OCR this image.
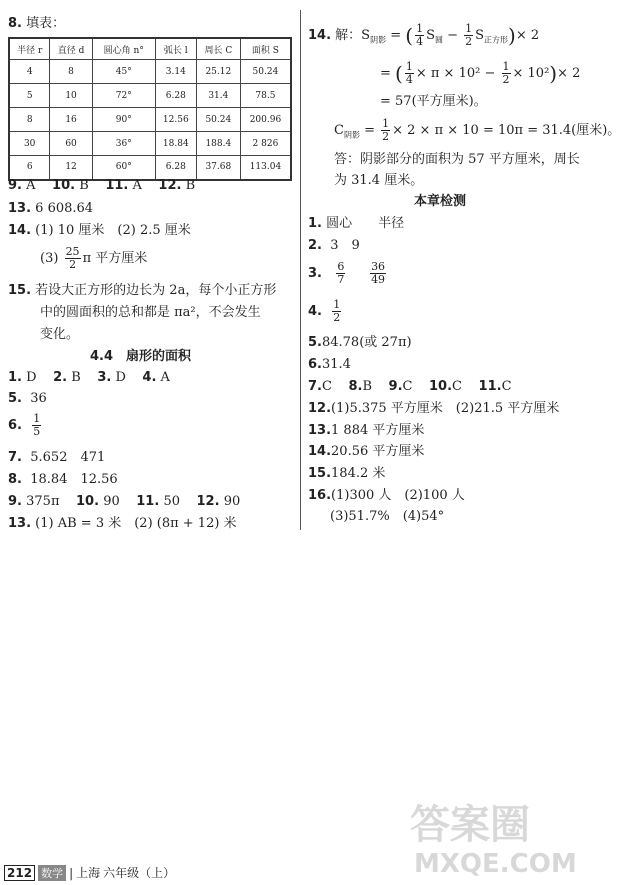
8. 填表：
半径 r	直径 d	圆心角 n°	弧长 l	周长 C	面积 S
4	8	45°	3.14	25.12	50.24
5	10	72°	6.28	31.4	78.5
8	16	90°	12.56	50.24	200.96
30	60	36°	18.84	188.4	2 826
6	12	60°	6.28	37.68	113.04
9. A 10. B 11. A 12. B
13. 6 608.64
14. (1) 10 厘米　(2) 2.5 厘米
$(3) \frac{25}{2}$ π 平方厘米
15. 若设大正方形的边长为 2a，每个小正方形
中的圆面积的总和都是 πa²，不会发生
变化。
4.4　扇形的面积
1. D 2. B 3. D 4. A
5. 36
6. $\frac{1}{5}$
7. 5.652　471
8. 18.84　12.56
9. 375π 10. 90 11. 50 12. 90
13. (1) AB = 3 米　(2) (8π + 12) 米
14. 解：$S_{阴影}$ = ( $\frac{1}{4} S_圆 - \frac{1}{2} S_{正方形})\times 2$
= ( $\frac{1}{4} \times \pi \times 10^2 - \frac{1}{2} \times 10^2)\times 2$
= 57(平方厘米)。
$C_{阴影} = \frac{1}{2} \times 2 \times \pi \times 10 = 10\pi = 31.4$(厘米)。
答：阴影部分的面积为 57 平方厘米，周长
为 31.4 厘米。
本章检测
1. 圆心　　半径
2. 3　9
3. $\frac{6}{7}$
$\frac{36}{49}$
4. $\frac{1}{2}$
5.84.78(或 27π)
6.31.4
7.C 8.B 9.C 10.C 11.C
12.(1)5.375 平方厘米　(2)21.5 平方厘米
13.1 884 平方厘米
14.20.56 平方厘米
15.184.2 米
16.(1)300 人　(2)100 人
(3)51.7%　(4)54°
答案圈
MXQE.COM
212 数学 | 上海 六年级（上）
